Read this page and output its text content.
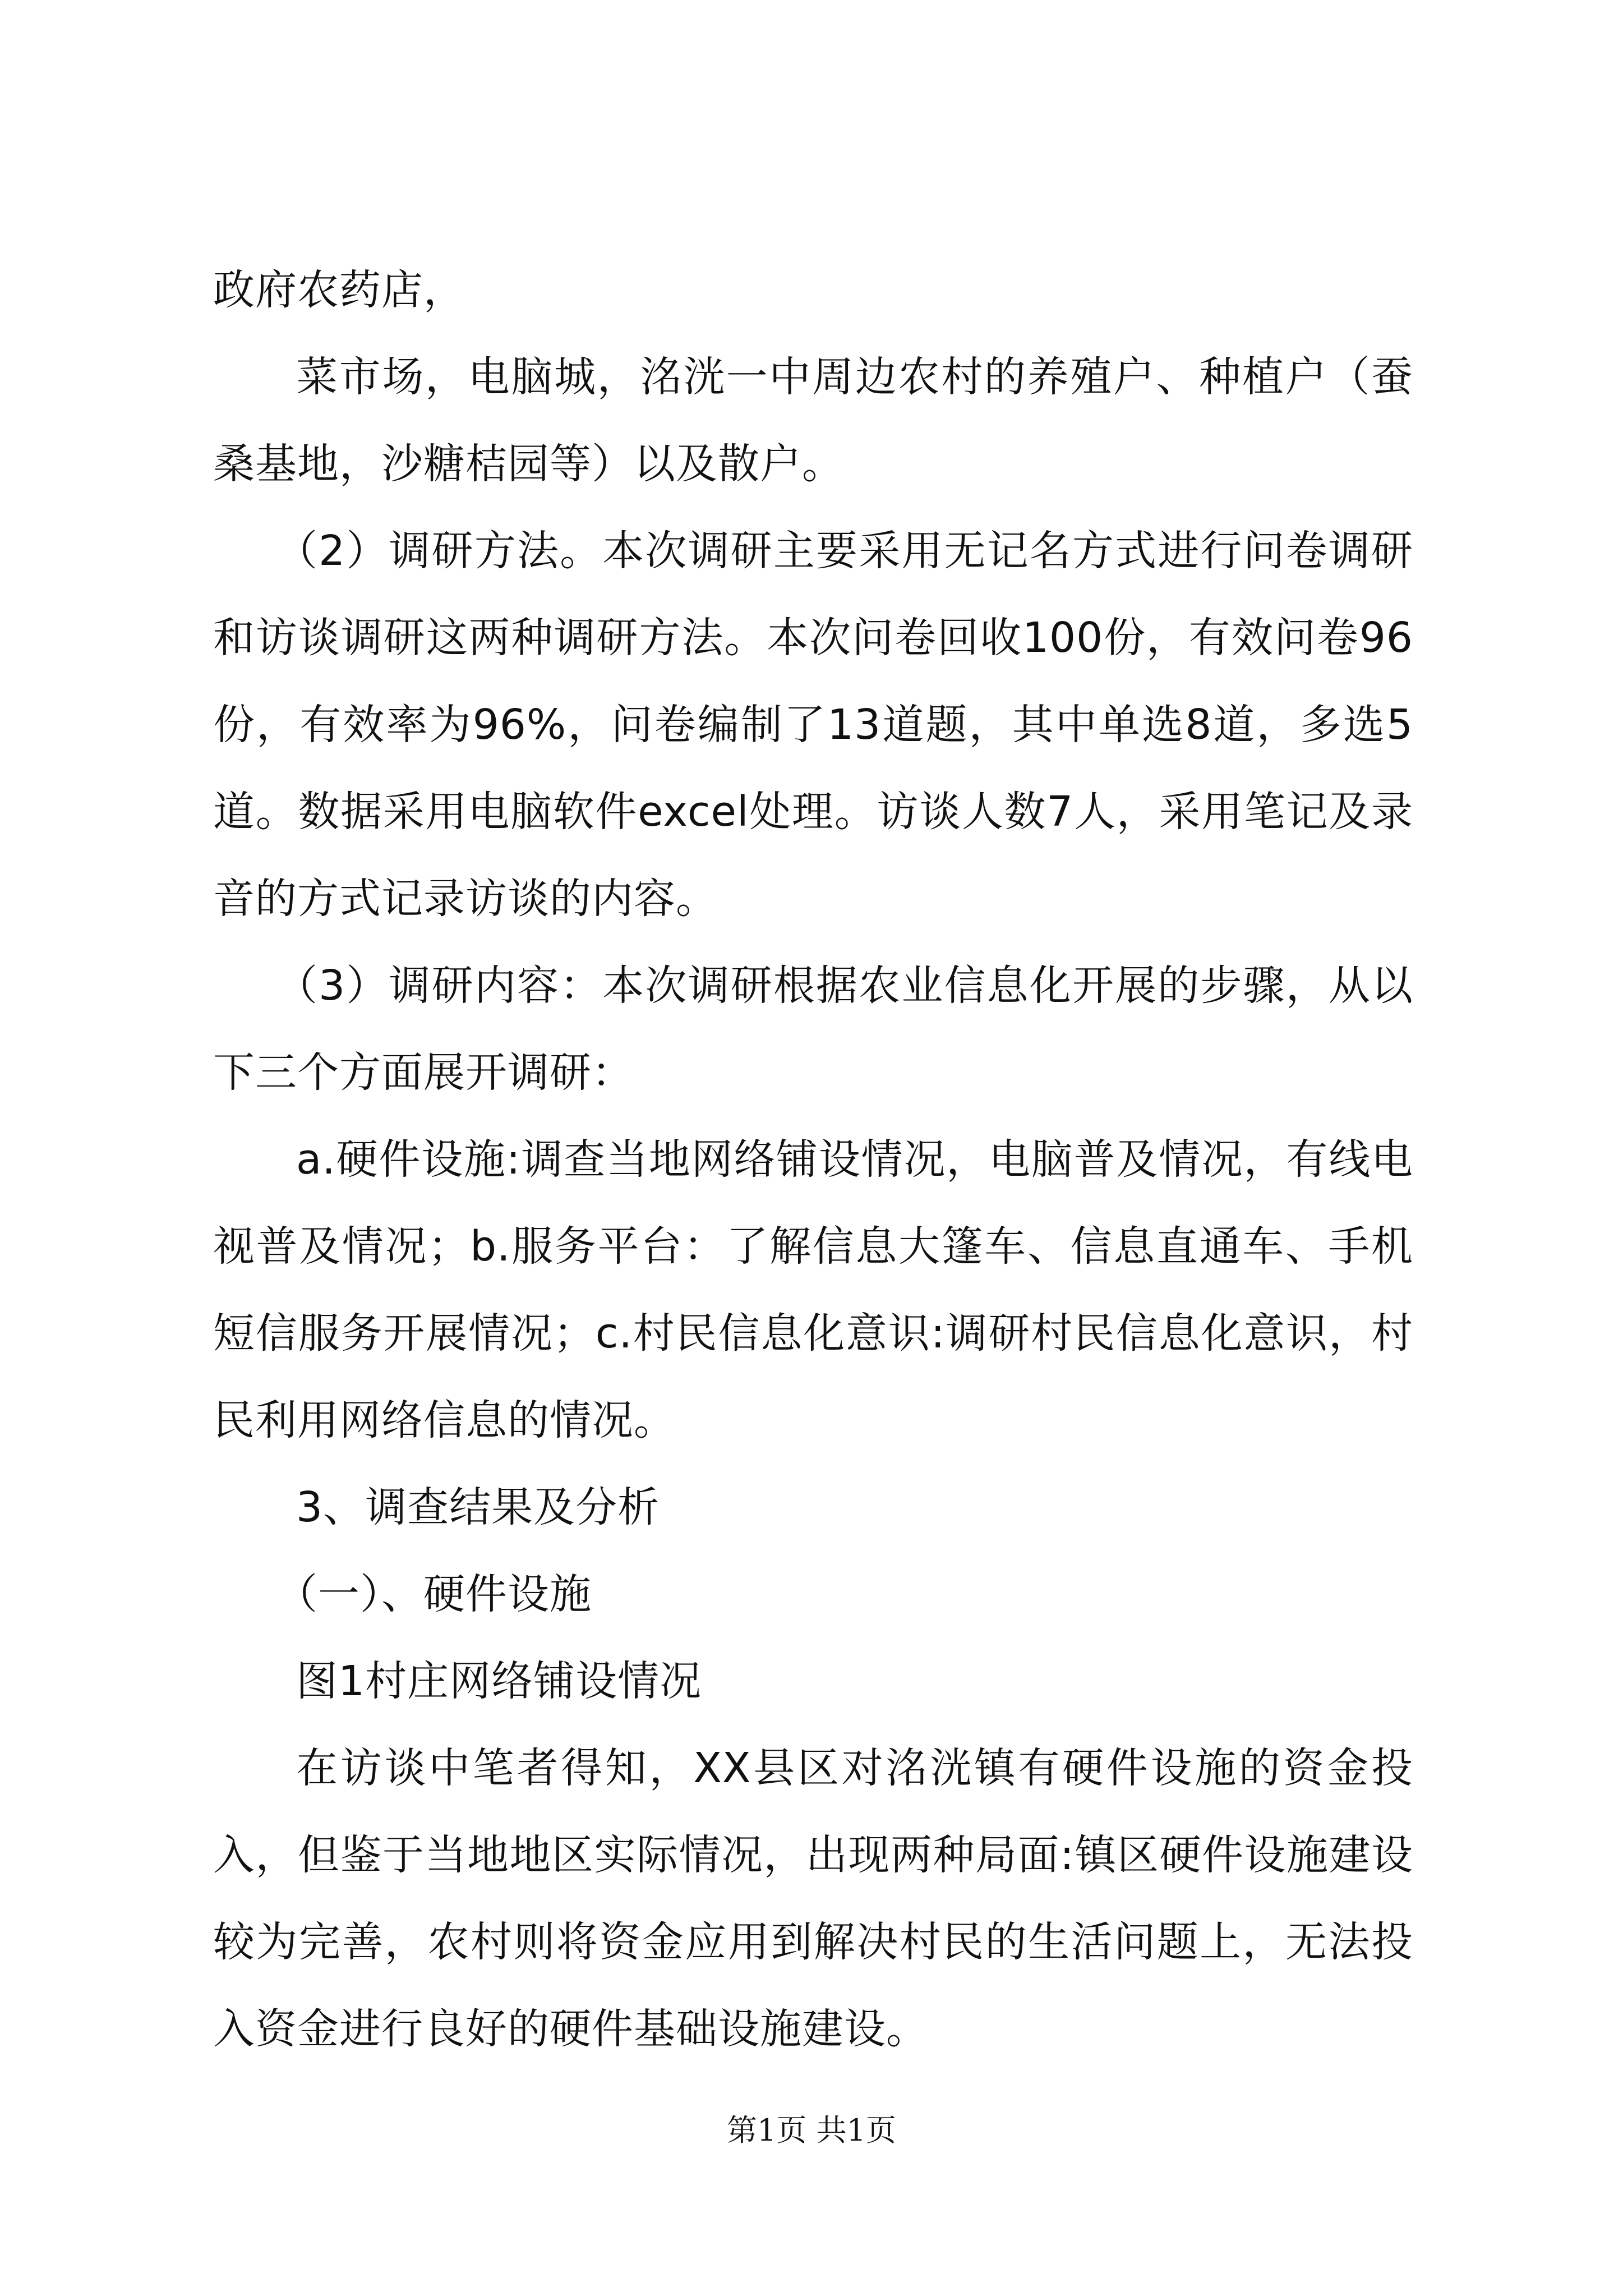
政府农药店，

菜市场，电脑城，洺洸一中周边农村的养殖户、种植户（蚕桑基地，沙糖桔园等）以及散户。

（2）调研方法。本次调研主要采用无记名方式进行问卷调研和访谈调研这两种调研方法。本次问卷回收100份，有效问卷96份，有效率为96%，问卷编制了13道题，其中单选8道，多选5道。数据采用电脑软件excel处理。访谈人数7人，采用笔记及录音的方式记录访谈的内容。

（3）调研内容：本次调研根据农业信息化开展的步骤，从以下三个方面展开调研：

a.硬件设施:调查当地网络铺设情况，电脑普及情况，有线电视普及情况；b.服务平台：了解信息大篷车、信息直通车、手机短信服务开展情况；c.村民信息化意识:调研村民信息化意识，村民利用网络信息的情况。

3、调查结果及分析

（一）、硬件设施

图1村庄网络铺设情况

在访谈中笔者得知，XX县区对洺洸镇有硬件设施的资金投入，但鉴于当地地区实际情况，出现两种局面:镇区硬件设施建设较为完善，农村则将资金应用到解决村民的生活问题上，无法投入资金进行良好的硬件基础设施建设。

第1页 共1页
